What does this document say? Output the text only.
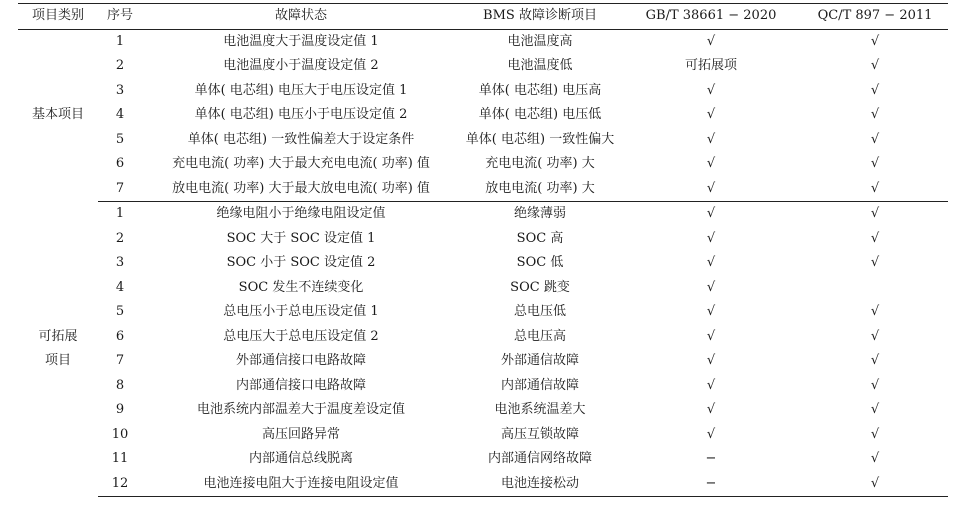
项目类别	序号	故障状态	BMS 故障诊断项目	GB/T 38661 − 2020	QC/T 897 − 2011

基本项目	1	电池温度大于温度设定值 1	电池温度高	√	√
	2	电池温度小于温度设定值 2	电池温度低	可拓展项	√
	3	单体( 电芯组) 电压大于电压设定值 1	单体( 电芯组) 电压高	√	√
	4	单体( 电芯组) 电压小于电压设定值 2	单体( 电芯组) 电压低	√	√
	5	单体( 电芯组) 一致性偏差大于设定条件	单体( 电芯组) 一致性偏大	√	√
	6	充电电流( 功率) 大于最大充电电流( 功率) 值	充电电流( 功率) 大	√	√
	7	放电电流( 功率) 大于最大放电电流( 功率) 值	放电电流( 功率) 大	√	√

可拓展
项目	1	绝缘电阻小于绝缘电阻设定值	绝缘薄弱	√	√
	2	SOC 大于 SOC 设定值 1	SOC 高	√	√
	3	SOC 小于 SOC 设定值 2	SOC 低	√	√
	4	SOC 发生不连续变化	SOC 跳变	√	
	5	总电压小于总电压设定值 1	总电压低	√	√
	6	总电压大于总电压设定值 2	总电压高	√	√
	7	外部通信接口电路故障	外部通信故障	√	√
	8	内部通信接口电路故障	内部通信故障	√	√
	9	电池系统内部温差大于温度差设定值	电池系统温差大	√	√
	10	高压回路异常	高压互锁故障	√	√
	11	内部通信总线脱离	内部通信网络故障	−	√
	12	电池连接电阻大于连接电阻设定值	电池连接松动	−	√
